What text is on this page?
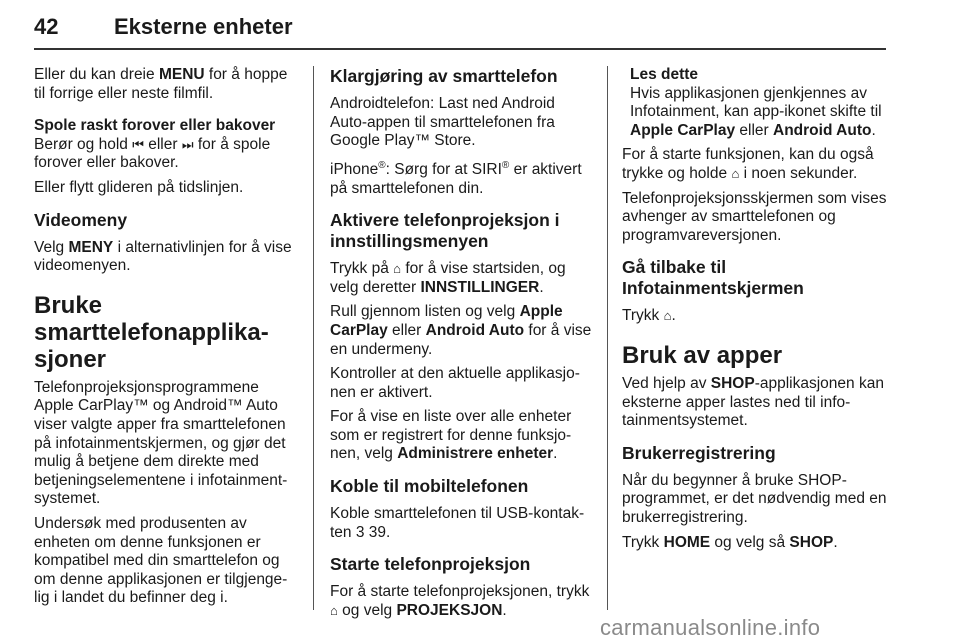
42	Eksterne enheter

Eller du kan dreie MENU for å hoppe til forrige eller neste filmfil.

Spole raskt forover eller bakover

Berør og hold ⏮ eller ⏭ for å spole forover eller bakover.

Eller flytt glideren på tidslinjen.

Videomeny

Velg MENY i alternativlinjen for å vise videomenyen.

Bruke smarttelefonapplika-sjoner

Telefonprojeksjonsprogrammene Apple CarPlay™ og Android™ Auto viser valgte apper fra smarttelefonen på infotainmentskjermen, og gjør det mulig å betjene dem direkte med betjeningselementene i infotainment-systemet.

Undersøk med produsenten av enheten om denne funksjonen er kompatibel med din smarttelefon og om denne applikasjonen er tilgjenge-lig i landet du befinner deg i.

Klargjøring av smarttelefon

Androidtelefon: Last ned Android Auto-appen til smarttelefonen fra Google Play™ Store.

iPhone®: Sørg for at SIRI® er aktivert på smarttelefonen din.

Aktivere telefonprojeksjon i innstillingsmenyen

Trykk på ⌂ for å vise startsiden, og velg deretter INNSTILLINGER.

Rull gjennom listen og velg Apple CarPlay eller Android Auto for å vise en undermeny.

Kontroller at den aktuelle applikasjo-nen er aktivert.

For å vise en liste over alle enheter som er registrert for denne funksjo-nen, velg Administrere enheter.

Koble til mobiltelefonen

Koble smarttelefonen til USB-kontak-ten 3 39.

Starte telefonprojeksjon

For å starte telefonprojeksjonen, trykk ⌂ og velg PROJEKSJON.

Les dette

Hvis applikasjonen gjenkjennes av Infotainment, kan app-ikonet skifte til Apple CarPlay eller Android Auto.

For å starte funksjonen, kan du også trykke og holde ⌂ i noen sekunder.

Telefonprojeksjonsskjermen som vises avhenger av smarttelefonen og programvareversjonen.

Gå tilbake til Infotainmentskjermen

Trykk ⌂.

Bruk av apper

Ved hjelp av SHOP-applikasjonen kan eksterne apper lastes ned til info-tainmentsystemet.

Brukerregistrering

Når du begynner å bruke SHOP-programmet, er det nødvendig med en brukerregistrering.

Trykk HOME og velg så SHOP.

carmanualsonline.info
